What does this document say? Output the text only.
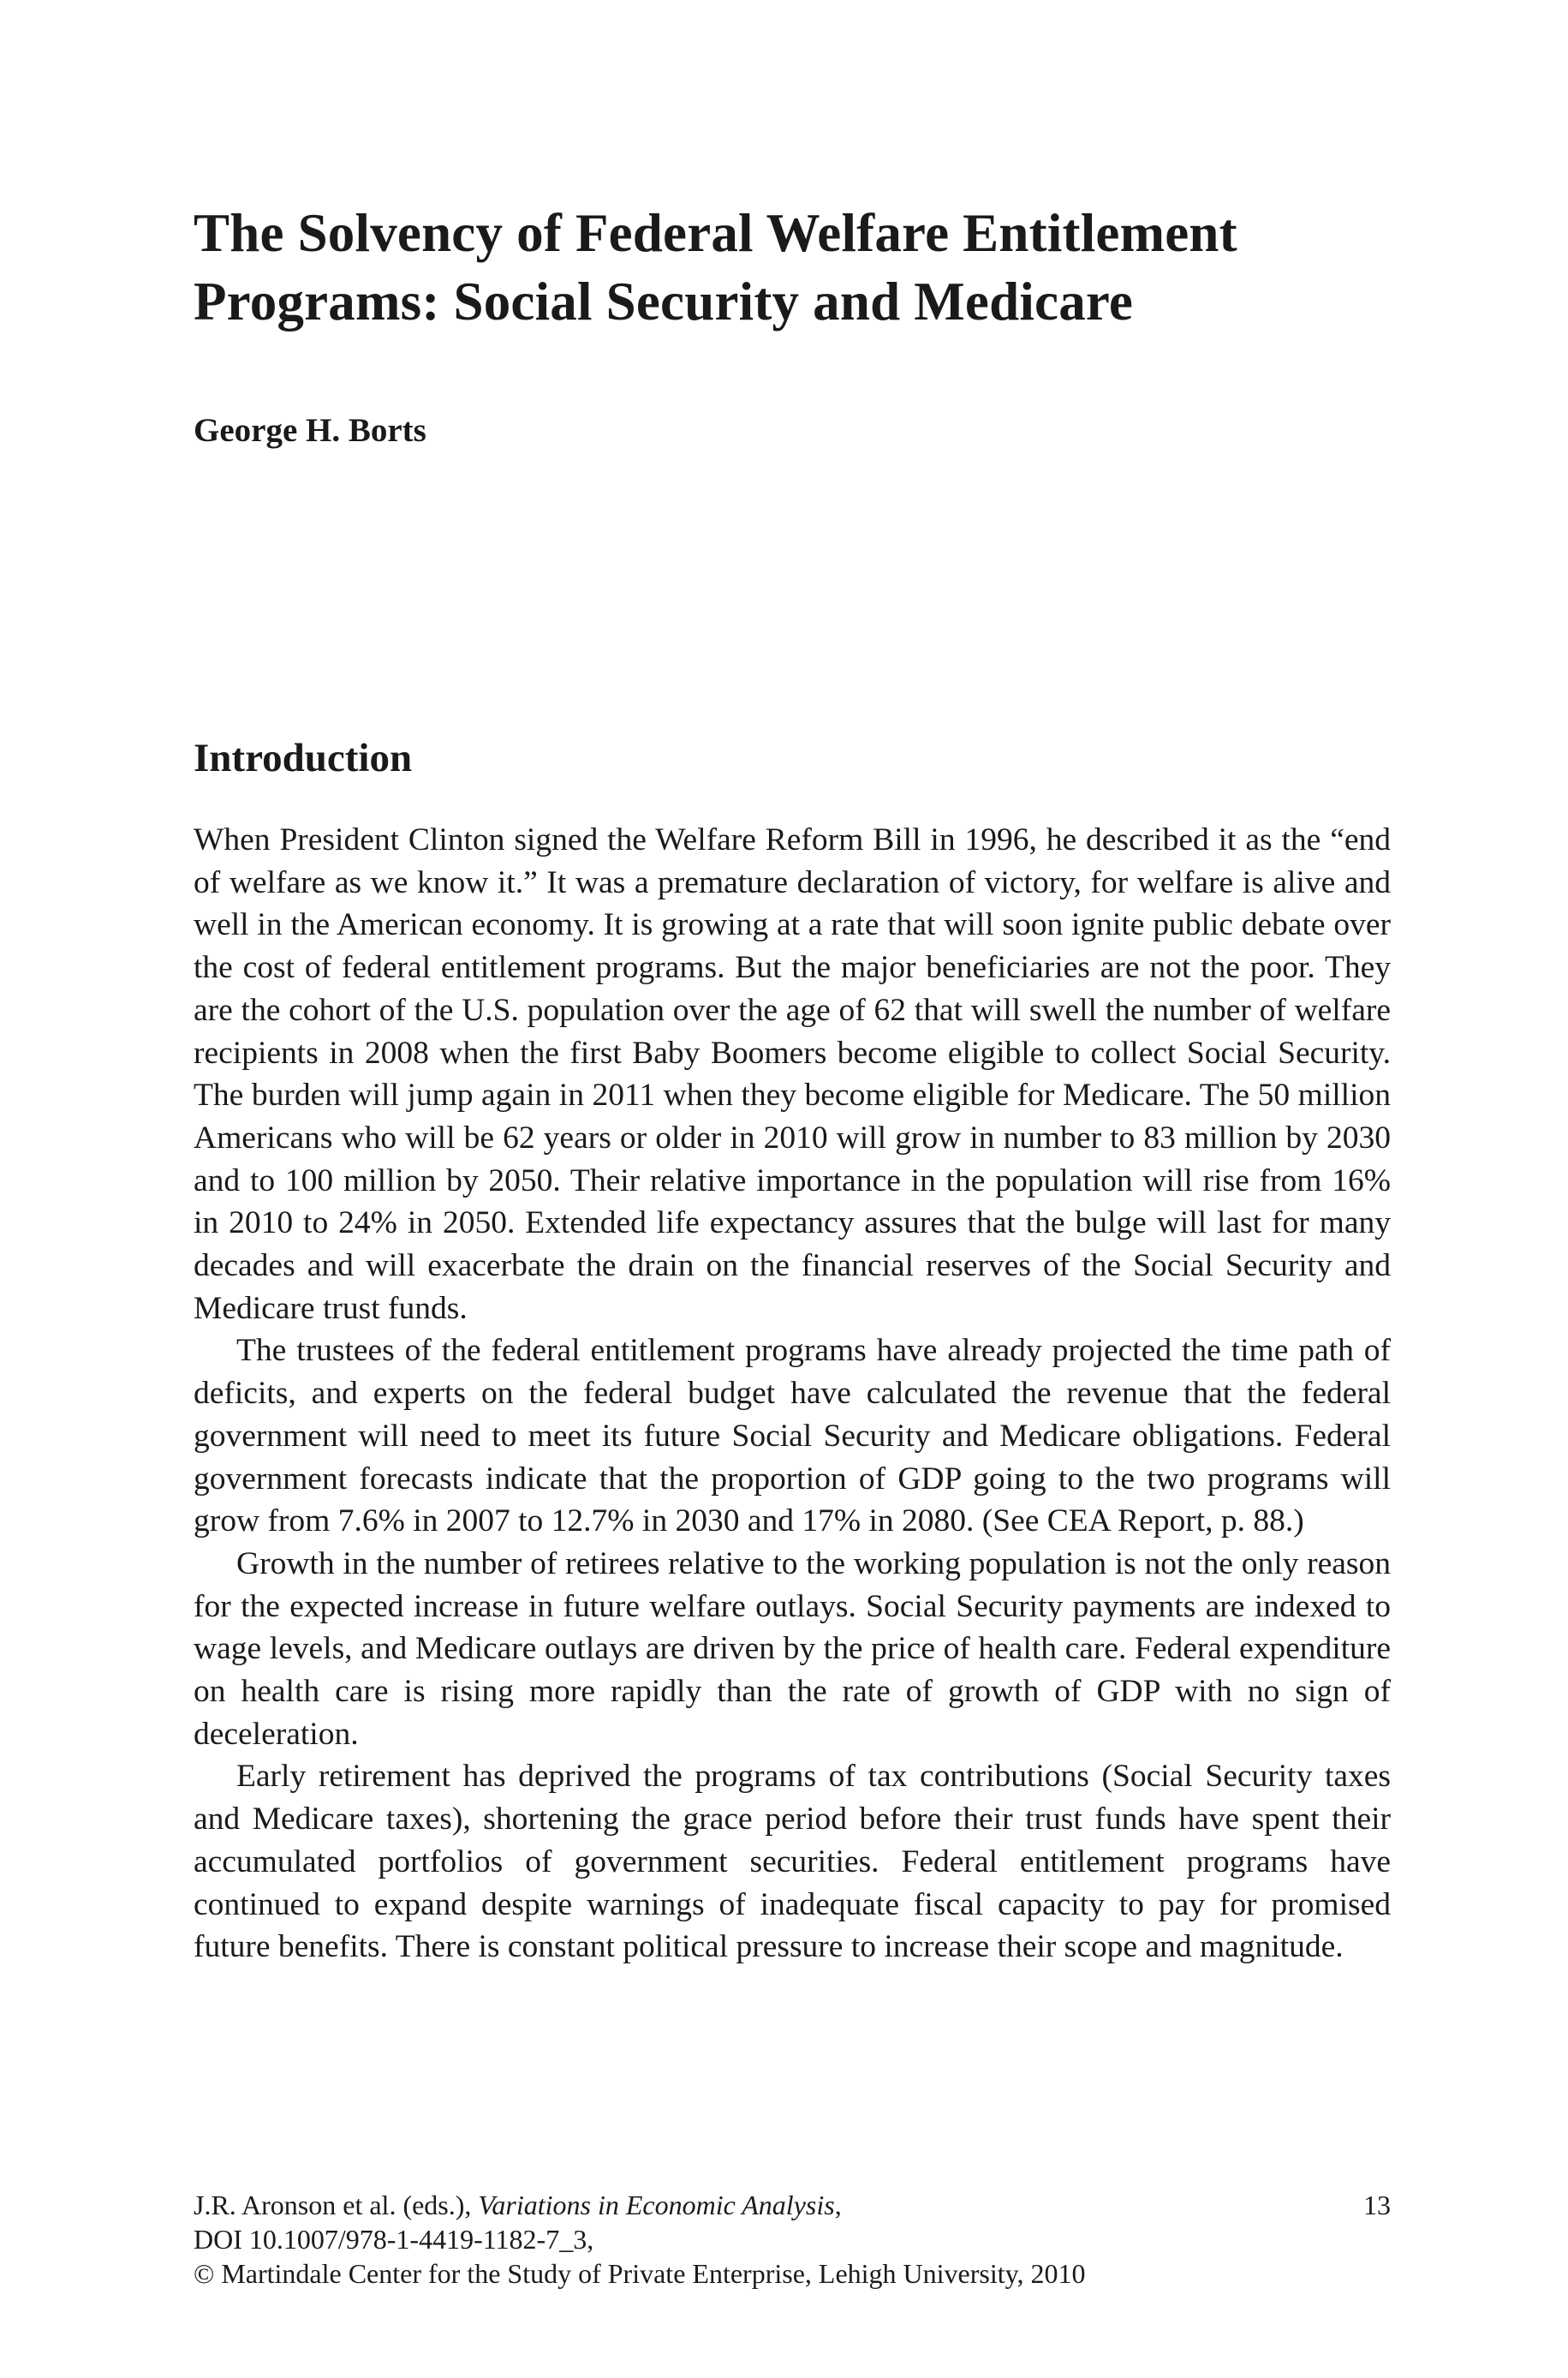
The Solvency of Federal Welfare Entitlement
Programs: Social Security and Medicare

George H. Borts

Introduction

When President Clinton signed the Welfare Reform Bill in 1996, he described it as the “end of welfare as we know it.” It was a premature declaration of victory, for welfare is alive and well in the American economy. It is growing at a rate that will soon ignite public debate over the cost of federal entitlement programs. But the major beneficiaries are not the poor. They are the cohort of the U.S. population over the age of 62 that will swell the number of welfare recipients in 2008 when the first Baby Boomers become eligible to collect Social Security. The burden will jump again in 2011 when they become eligible for Medicare. The 50 million Americans who will be 62 years or older in 2010 will grow in number to 83 million by 2030 and to 100 million by 2050. Their relative importance in the population will rise from 16% in 2010 to 24% in 2050. Extended life expectancy assures that the bulge will last for many decades and will exacerbate the drain on the financial reserves of the Social Security and Medicare trust funds.

The trustees of the federal entitlement programs have already projected the time path of deficits, and experts on the federal budget have calculated the revenue that the federal government will need to meet its future Social Security and Medicare obligations. Federal government forecasts indicate that the proportion of GDP going to the two programs will grow from 7.6% in 2007 to 12.7% in 2030 and 17% in 2080. (See CEA Report, p. 88.)

Growth in the number of retirees relative to the working population is not the only reason for the expected increase in future welfare outlays. Social Security payments are indexed to wage levels, and Medicare outlays are driven by the price of health care. Federal expenditure on health care is rising more rapidly than the rate of growth of GDP with no sign of deceleration.

Early retirement has deprived the programs of tax contributions (Social Security taxes and Medicare taxes), shortening the grace period before their trust funds have spent their accumulated portfolios of government securities. Federal entitlement programs have continued to expand despite warnings of inadequate fiscal capacity to pay for promised future benefits. There is constant political pressure to increase their scope and magnitude.

J.R. Aronson et al. (eds.), Variations in Economic Analysis,	13
DOI 10.1007/978-1-4419-1182-7_3,
© Martindale Center for the Study of Private Enterprise, Lehigh University, 2010
